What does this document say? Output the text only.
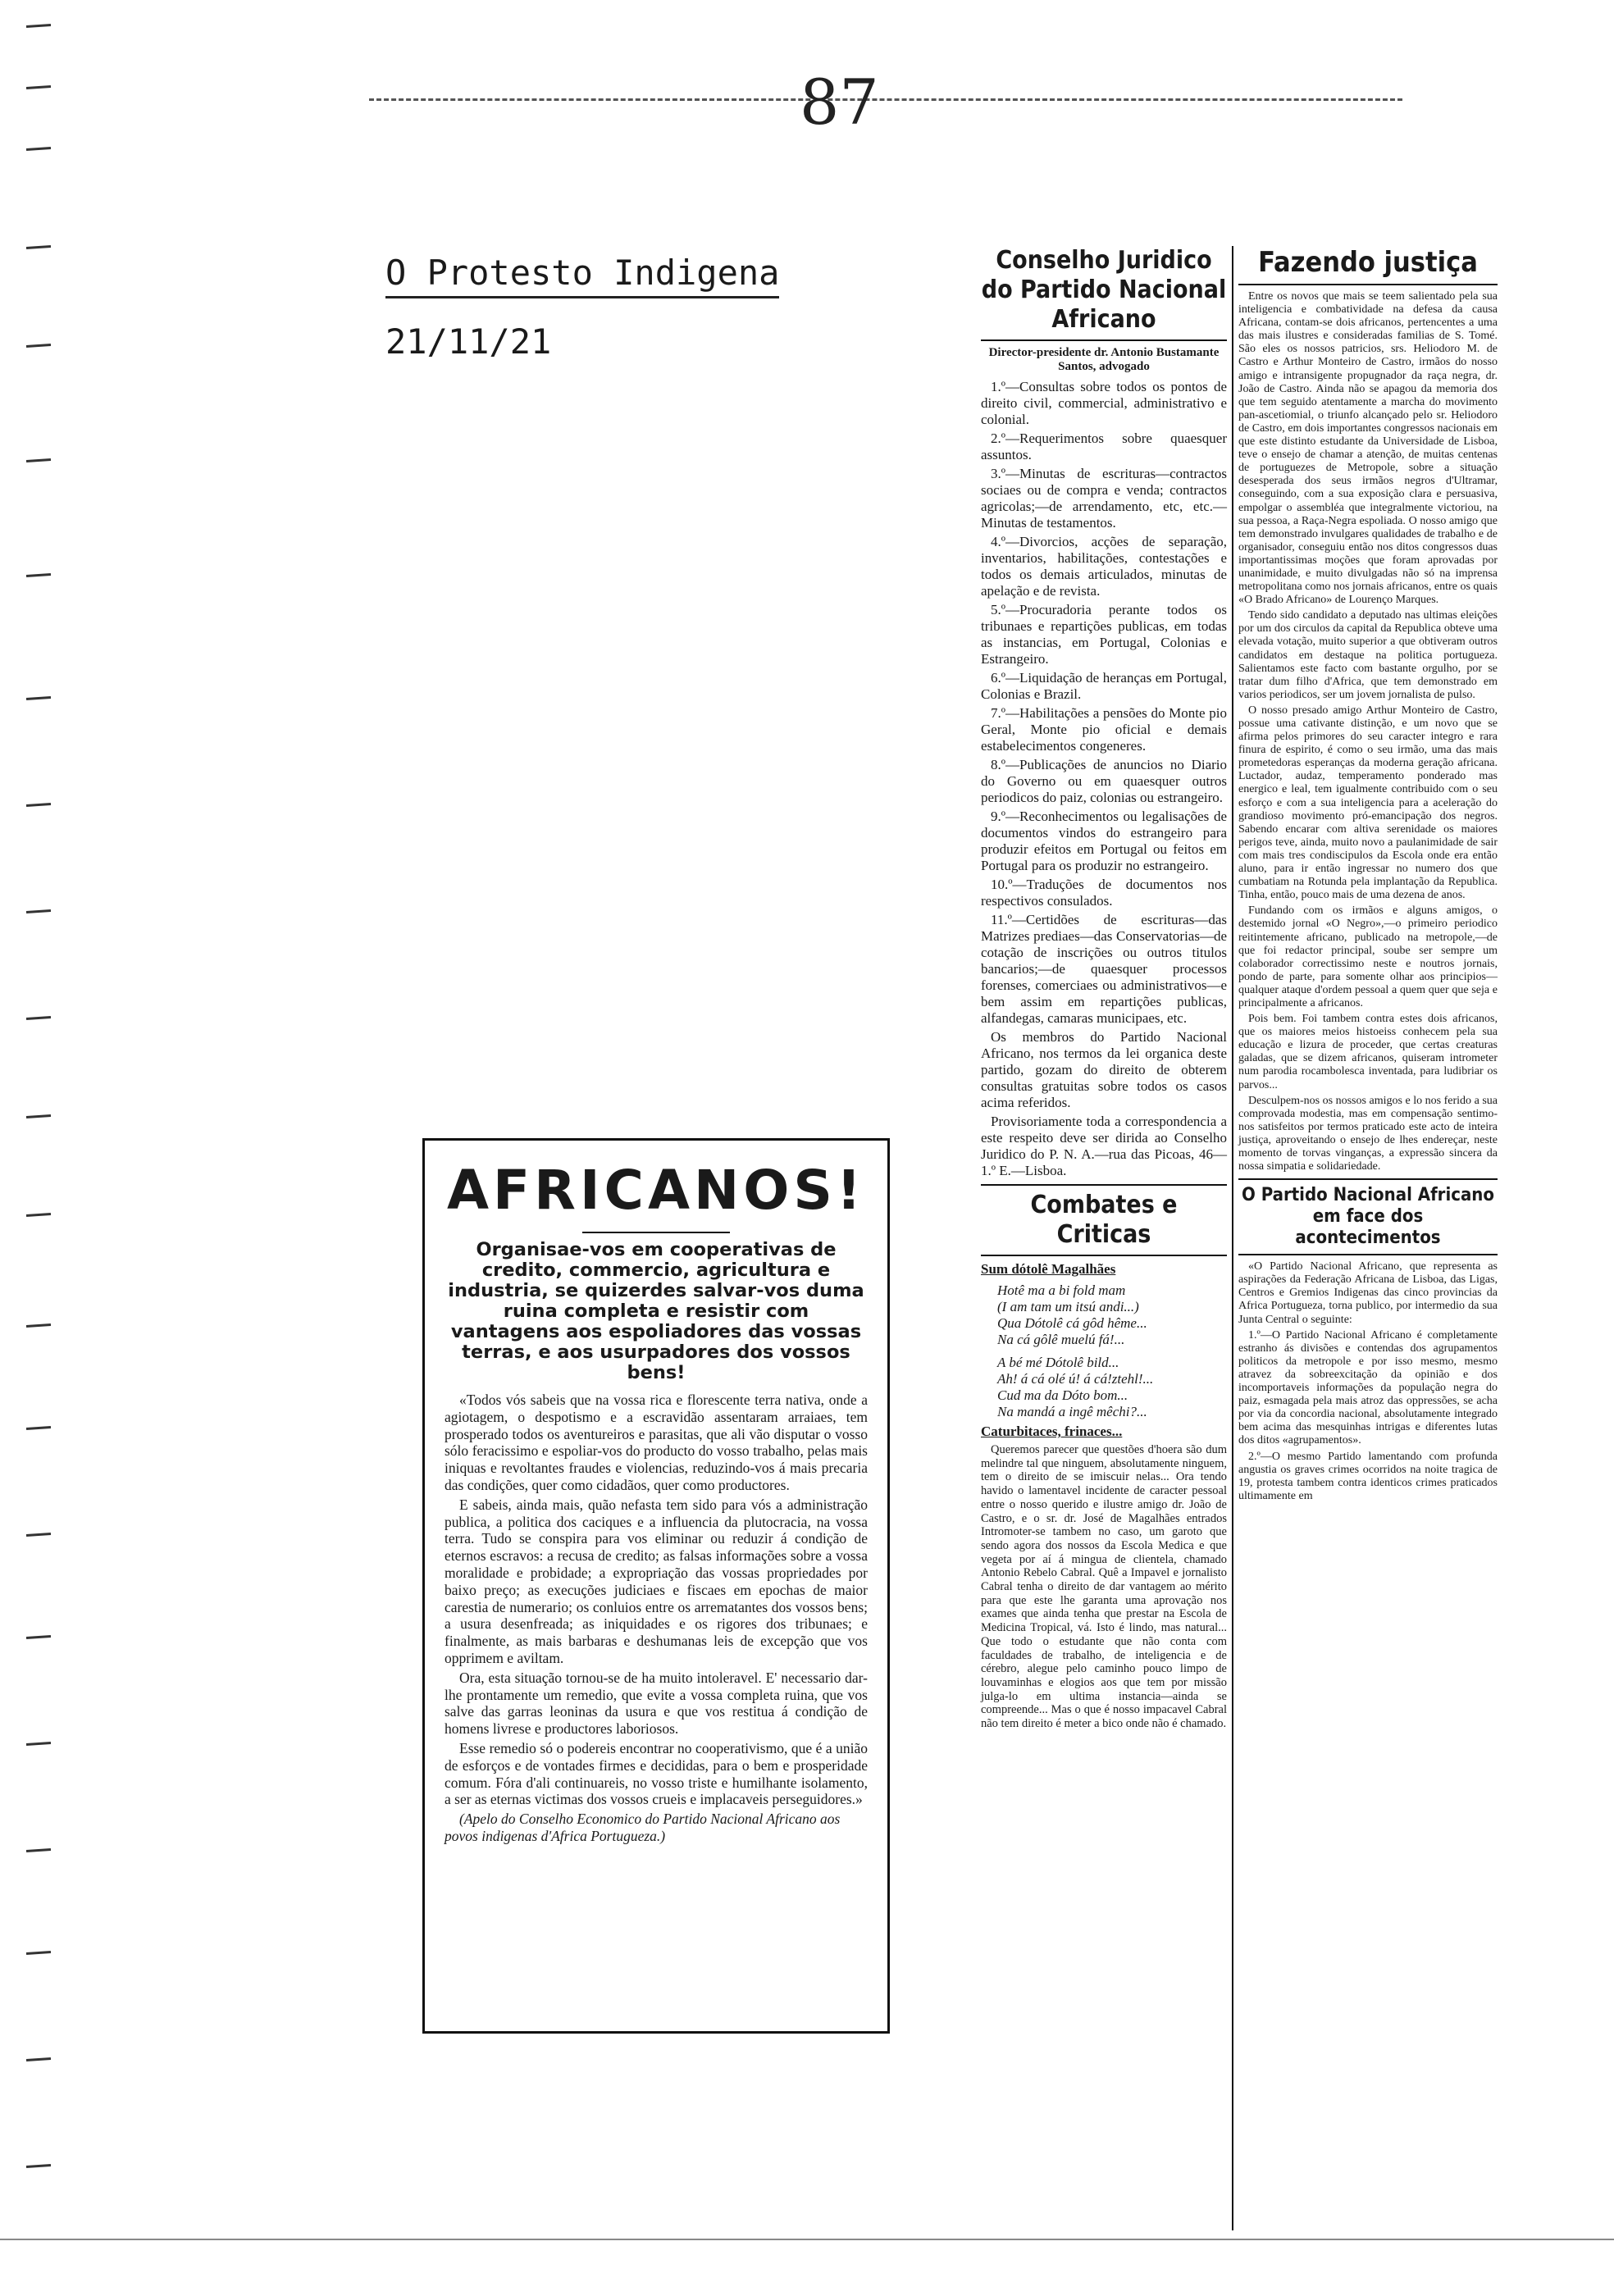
87
O Protesto Indigena
21/11/21
AFRICANOS!
Organisae-vos em cooperativas de credito, commercio, agricultura e industria, se quizerdes salvar-vos duma ruina completa e resistir com vantagens aos espoliadores das vossas terras, e aos usurpadores dos vossos bens!

«Todos vós sabeis que na vossa rica e florescente terra nativa, onde a agiotagem, o despotismo e a escravidão assentaram arraiaes, tem prosperado todos os aventureiros e parasitas, que ali vão disputar o vosso sólo feracissimo e espoliar-vos do producto do vosso trabalho, pelas mais iniquas e revoltantes fraudes e violencias, reduzindo-vos á mais precaria das condições, quer como cidadãos, quer como productores.

E sabeis, ainda mais, quão nefasta tem sido para vós a administração publica, a politica dos caciques e a influencia da plutocracia, na vossa terra. Tudo se conspira para vos eliminar ou reduzir á condição de eternos escravos: a recusa de credito; as falsas informações sobre a vossa moralidade e probidade; a expropriação das vossas propriedades por baixo preço; as execuções judiciaes e fiscaes em epochas de maior carestia de numerario; os conluios entre os arrematantes dos vossos bens; a usura desenfreada; as iniquidades e os rigores dos tribunaes; e finalmente, as mais barbaras e deshumanas leis de excepção que vos opprimem e aviltam.

Ora, esta situação tornou-se de ha muito intoleravel. E' necessario dar-lhe prontamente um remedio, que evite a vossa completa ruina, que vos salve das garras leoninas da usura e que vos restitua á condição de homens livrese e productores laboriosos.

Esse remedio só o podereis encontrar no cooperativismo, que é a união de esforços e de vontades firmes e decididas, para o bem e prosperidade comum. Fóra d'ali continuareis, no vosso triste e humilhante isolamento, a ser as eternas victimas dos vossos crueis e implacaveis perseguidores.»

(Apelo do Conselho Economico do Partido Nacional Africano aos povos indigenas d'Africa Portugueza.)
Conselho Juridico do Partido Nacional Africano
Director-presidente dr. Antonio Bustamante Santos, advogado

1.º—Consultas sobre todos os pontos de direito civil, commercial, administrativo e colonial.

2.º—Requerimentos sobre quaesquer assuntos.

3.º—Minutas de escrituras—contractos sociaes ou de compra e venda; contractos agricolas;—de arrendamento, etc, etc.—Minutas de testamentos.

4.º—Divorcios, acções de separação, inventarios, habilitações, contestações e todos os demais articulados, minutas de apelação e de revista.

5.º—Procuradoria perante todos os tribunaes e repartições publicas, em todas as instancias, em Portugal, Colonias e Estrangeiro.

6.º—Liquidação de heranças em Portugal, Colonias e Brazil.

7.º—Habilitações a pensões do Monte pio Geral, Monte pio oficial e demais estabelecimentos congeneres.

8.º—Publicações de anuncios no Diario do Governo ou em quaesquer outros periodicos do paiz, colonias ou estrangeiro.

9.º—Reconhecimentos ou legalisações de documentos vindos do estrangeiro para produzir efeitos em Portugal ou feitos em Portugal para os produzir no estrangeiro.

10.º—Traduções de documentos nos respectivos consulados.

11.º—Certidões de escrituras—das Matrizes prediaes—das Conservatorias—de cotação de inscrições ou outros titulos bancarios;—de quaesquer processos forenses, comerciaes ou administrativos—e bem assim em repartições publicas, alfandegas, camaras municipaes, etc.

Os membros do Partido Nacional Africano, nos termos da lei organica deste partido, gozam do direito de obterem consultas gratuitas sobre todos os casos acima referidos.

Provisoriamente toda a correspondencia a este respeito deve ser dirida ao Conselho Juridico do P. N. A.—rua das Picoas, 46—1.º E.—Lisboa.

Combates e Criticas
Sum dótolê Magalhães
Hotê ma a bi fold mam
(I am tam um itsú andi...)
Qua Dótolê cá gôd hême...
Na cá gôlê muelú fá!...
A bé mé Dótolê bild...
Ah! á cá olé ú! á cá!ztehl!...
Cud ma da Dóto bom...
Na mandá a ingê mêchi?...
Caturbitaces, frinaces...

Queremos parecer que questões d'hoera são dum melindre tal que ninguem, absolutamente ninguem, tem o direito de se imiscuir nelas... Ora tendo havido o lamentavel incidente de caracter pessoal entre o nosso querido e ilustre amigo dr. João de Castro, e o sr. dr. José de Magalhães entrados Intromoter-se tambem no caso, um garoto que sendo agora dos nossos da Escola Medica e que vegeta por aí á mingua de clientela, chamado Antonio Rebelo Cabral. Quê a Impavel e jornalisto Cabral tenha o direito de dar vantagem ao mérito para que este lhe garanta uma aprovação nos exames que ainda tenha que prestar na Escola de Medicina Tropical, vá. Isto é lindo, mas natural... Que todo o estudante que não conta com faculdades de trabalho, de inteligencia e de cérebro, alegue pelo caminho pouco limpo de louvaminhas e elogios aos que tem por missão julga-lo em ultima instancia—ainda se compreende... Mas o que é nosso impacavel Cabral não tem direito é meter a bico onde não é chamado.

Fazendo justiça

Entre os novos que mais se teem salientado pela sua inteligencia e combatividade na defesa da causa Africana, contam-se dois africanos, pertencentes a uma das mais ilustres e consideradas familias de S. Tomé. São eles os nossos patricios, srs. Heliodoro M. de Castro e Arthur Monteiro de Castro, irmãos do nosso amigo e intransigente propugnador da raça negra, dr. João de Castro. Ainda não se apagou da memoria dos que tem seguido atentamente a marcha do movimento pan-ascetiomial, o triunfo alcançado pelo sr. Heliodoro de Castro, em dois importantes congressos nacionais em que este distinto estudante da Universidade de Lisboa, teve o ensejo de chamar a atenção, de muitas centenas de portuguezes de Metropole, sobre a situação desesperada dos seus irmãos negros d'Ultramar, conseguindo, com a sua exposição clara e persuasiva, empolgar o assembléa que integralmente victoriou, na sua pessoa, a Raça-Negra espoliada. O nosso amigo que tem demonstrado invulgares qualidades de trabalho e de organisador, conseguiu então nos ditos congressos duas importantissimas moções que foram aprovadas por unanimidade, e muito divulgadas não só na imprensa metropolitana como nos jornais africanos, entre os quais «O Brado Africano» de Lourenço Marques.

Tendo sido candidato a deputado nas ultimas eleições por um dos circulos da capital da Republica obteve uma elevada votação, muito superior a que obtiveram outros candidatos em destaque na politica portugueza. Salientamos este facto com bastante orgulho, por se tratar dum filho d'Africa, que tem demonstrado em varios periodicos, ser um jovem jornalista de pulso.

O nosso presado amigo Arthur Monteiro de Castro, possue uma cativante distinção, e um novo que se afirma pelos primores do seu caracter integro e rara finura de espirito, é como o seu irmão, uma das mais prometedoras esperanças da moderna geração africana. Luctador, audaz, temperamento ponderado mas energico e leal, tem igualmente contribuido com o seu esforço e com a sua inteligencia para a aceleração do grandioso movimento pró-emancipação dos negros. Sabendo encarar com altiva serenidade os maiores perigos teve, ainda, muito novo a paulanimidade de sair com mais tres condiscipulos da Escola onde era então aluno, para ir então ingressar no numero dos que cumbatiam na Rotunda pela implantação da Republica. Tinha, então, pouco mais de uma dezena de anos.

Fundando com os irmãos e alguns amigos, o destemido jornal «O Negro»,—o primeiro periodico reitintemente africano, publicado na metropole,—de que foi redactor principal, soube ser sempre um colaborador correctissimo neste e noutros jornais, pondo de parte, para somente olhar aos principios—qualquer ataque d'ordem pessoal a quem quer que seja e principalmente a africanos.

Pois bem. Foi tambem contra estes dois africanos, que os maiores meios histoeiss conhecem pela sua educação e lizura de proceder, que certas creaturas galadas, que se dizem africanos, quiseram intrometer num parodia rocambolesca inventada, para ludibriar os parvos...

Desculpem-nos os nossos amigos e lo nos ferido a sua comprovada modestia, mas em compensação sentimo-nos satisfeitos por termos praticado este acto de inteira justiça, aproveitando o ensejo de lhes endereçar, neste momento de torvas vinganças, a expressão sincera da nossa simpatia e solidariedade.

O Partido Nacional Africano em face dos acontecimentos

«O Partido Nacional Africano, que representa as aspirações da Federação Africana de Lisboa, das Ligas, Centros e Gremios Indigenas das cinco provincias da Africa Portugueza, torna publico, por intermedio da sua Junta Central o seguinte:

1.º—O Partido Nacional Africano é completamente estranho ás divisões e contendas dos agrupamentos politicos da metropole e por isso mesmo, mesmo atravez da sobreexcitação da opinião e dos incomportaveis informações da população negra do paiz, esmagada pela mais atroz das oppressões, se acha por via da concordia nacional, absolutamente integrado bem acima das mesquinhas intrigas e diferentes lutas dos ditos «agrupamentos».

2.º—O mesmo Partido lamentando com profunda angustia os graves crimes ocorridos na noite tragica de 19, protesta tambem contra identicos crimes praticados ultimamente em
